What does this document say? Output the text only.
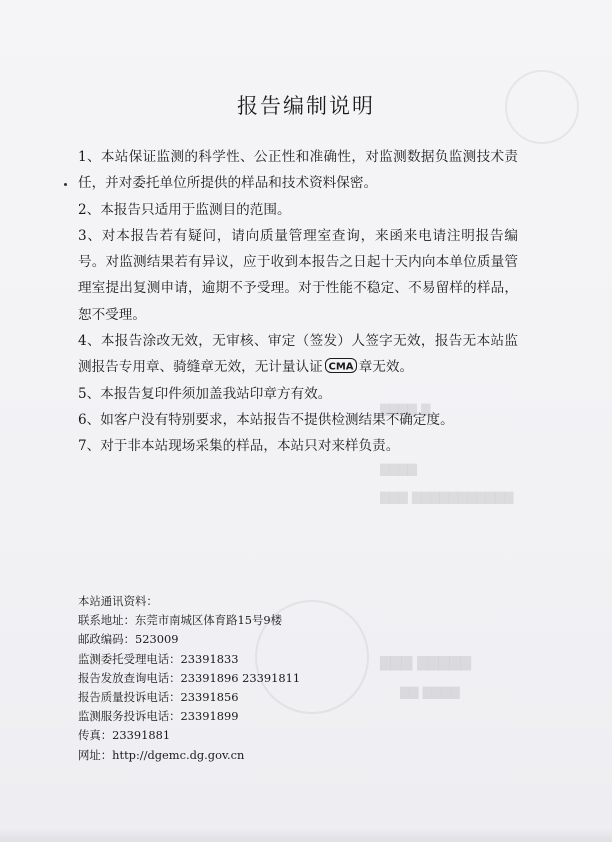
▇▇▇▇ ▇
▇▇▇▇
▇▇▇ ▇▇▇▇▇▇▇▇▇▇▇
▇▇▇ ▇▇▇▇▇
▇▇ ▇▇▇▇
报告编制说明

1、本站保证监测的科学性、公正性和准确性，对监测数据负监测技术责任，并对委托单位所提供的样品和技术资料保密。

2、本报告只适用于监测目的范围。

3、对本报告若有疑问，请向质量管理室查询，来函来电请注明报告编号。对监测结果若有异议，应于收到本报告之日起十天内向本单位质量管理室提出复测申请，逾期不予受理。对于性能不稳定、不易留样的样品，恕不受理。

4、本报告涂改无效，无审核、审定（签发）人签字无效，报告无本站监测报告专用章、骑缝章无效，无计量认证 CMA 章无效。

5、本报告复印件须加盖我站印章方有效。

6、如客户没有特别要求，本站报告不提供检测结果不确定度。

7、对于非本站现场采集的样品，本站只对来样负责。

本站通讯资料：

联系地址：东莞市南城区体育路15号9楼

邮政编码：523009

监测委托受理电话：23391833

报告发放查询电话：23391896 23391811

报告质量投诉电话：23391856

监测服务投诉电话：23391899

传真：23391881

网址：http://dgemc.dg.gov.cn
